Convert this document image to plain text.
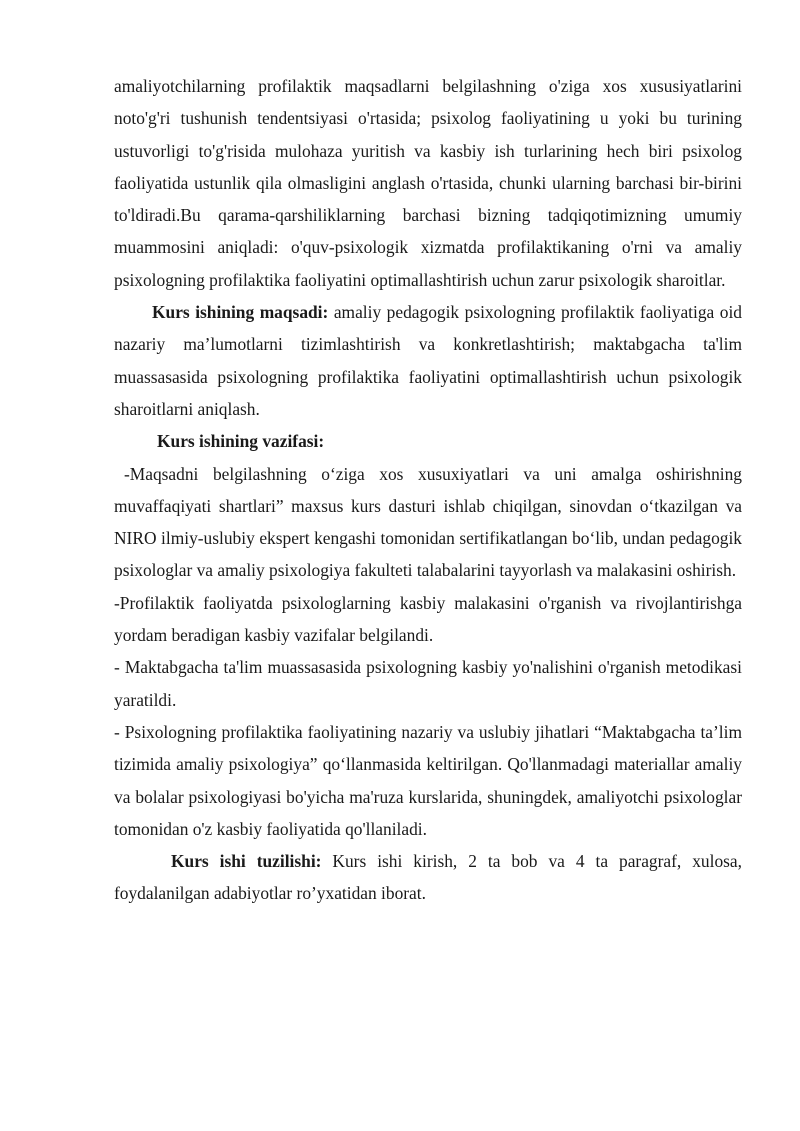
amaliyotchilarning profilaktik maqsadlarni belgilashning o'ziga xos xususiyatlarini noto'g'ri tushunish tendentsiyasi o'rtasida; psixolog faoliyatining u yoki bu turining ustuvorligi to'g'risida mulohaza yuritish va kasbiy ish turlarining hech biri psixolog faoliyatida ustunlik qila olmasligini anglash o'rtasida, chunki ularning barchasi bir-birini to'ldiradi.Bu qarama-qarshiliklarning barchasi bizning tadqiqotimizning umumiy muammosini aniqladi: o'quv-psixologik xizmatda profilaktikaning o'rni va amaliy psixologning profilaktika faoliyatini optimallashtirish uchun zarur psixologik sharoitlar.

Kurs ishining maqsadi: amaliy pedagogik psixologning profilaktik faoliyatiga oid nazariy ma’lumotlarni tizimlashtirish va konkretlashtirish; maktabgacha ta'lim muassasasida psixologning profilaktika faoliyatini optimallashtirish uchun psixologik sharoitlarni aniqlash.

Kurs ishining vazifasi:

-Maqsadni belgilashning o‘ziga xos xusuxiyatlari va uni amalga oshirishning muvaffaqiyati shartlari” maxsus kurs dasturi ishlab chiqilgan, sinovdan o‘tkazilgan va NIRO ilmiy-uslubiy ekspert kengashi tomonidan sertifikatlangan bo‘lib, undan pedagogik psixologlar va amaliy psixologiya fakulteti talabalarini tayyorlash va malakasini oshirish.

-Profilaktik faoliyatda psixologlarning kasbiy malakasini o'rganish va rivojlantirishga yordam beradigan kasbiy vazifalar belgilandi.

- Maktabgacha ta'lim muassasasida psixologning kasbiy yo'nalishini o'rganish metodikasi yaratildi.

- Psixologning profilaktika faoliyatining nazariy va uslubiy jihatlari “Maktabgacha ta’lim tizimida amaliy psixologiya” qo‘llanmasida keltirilgan. Qo'llanmadagi materiallar amaliy va bolalar psixologiyasi bo'yicha ma'ruza kurslarida, shuningdek, amaliyotchi psixologlar tomonidan o'z kasbiy faoliyatida qo'llaniladi.

Kurs ishi tuzilishi: Kurs ishi kirish, 2 ta bob va 4 ta paragraf, xulosa, foydalanilgan adabiyotlar ro’yxatidan iborat.
